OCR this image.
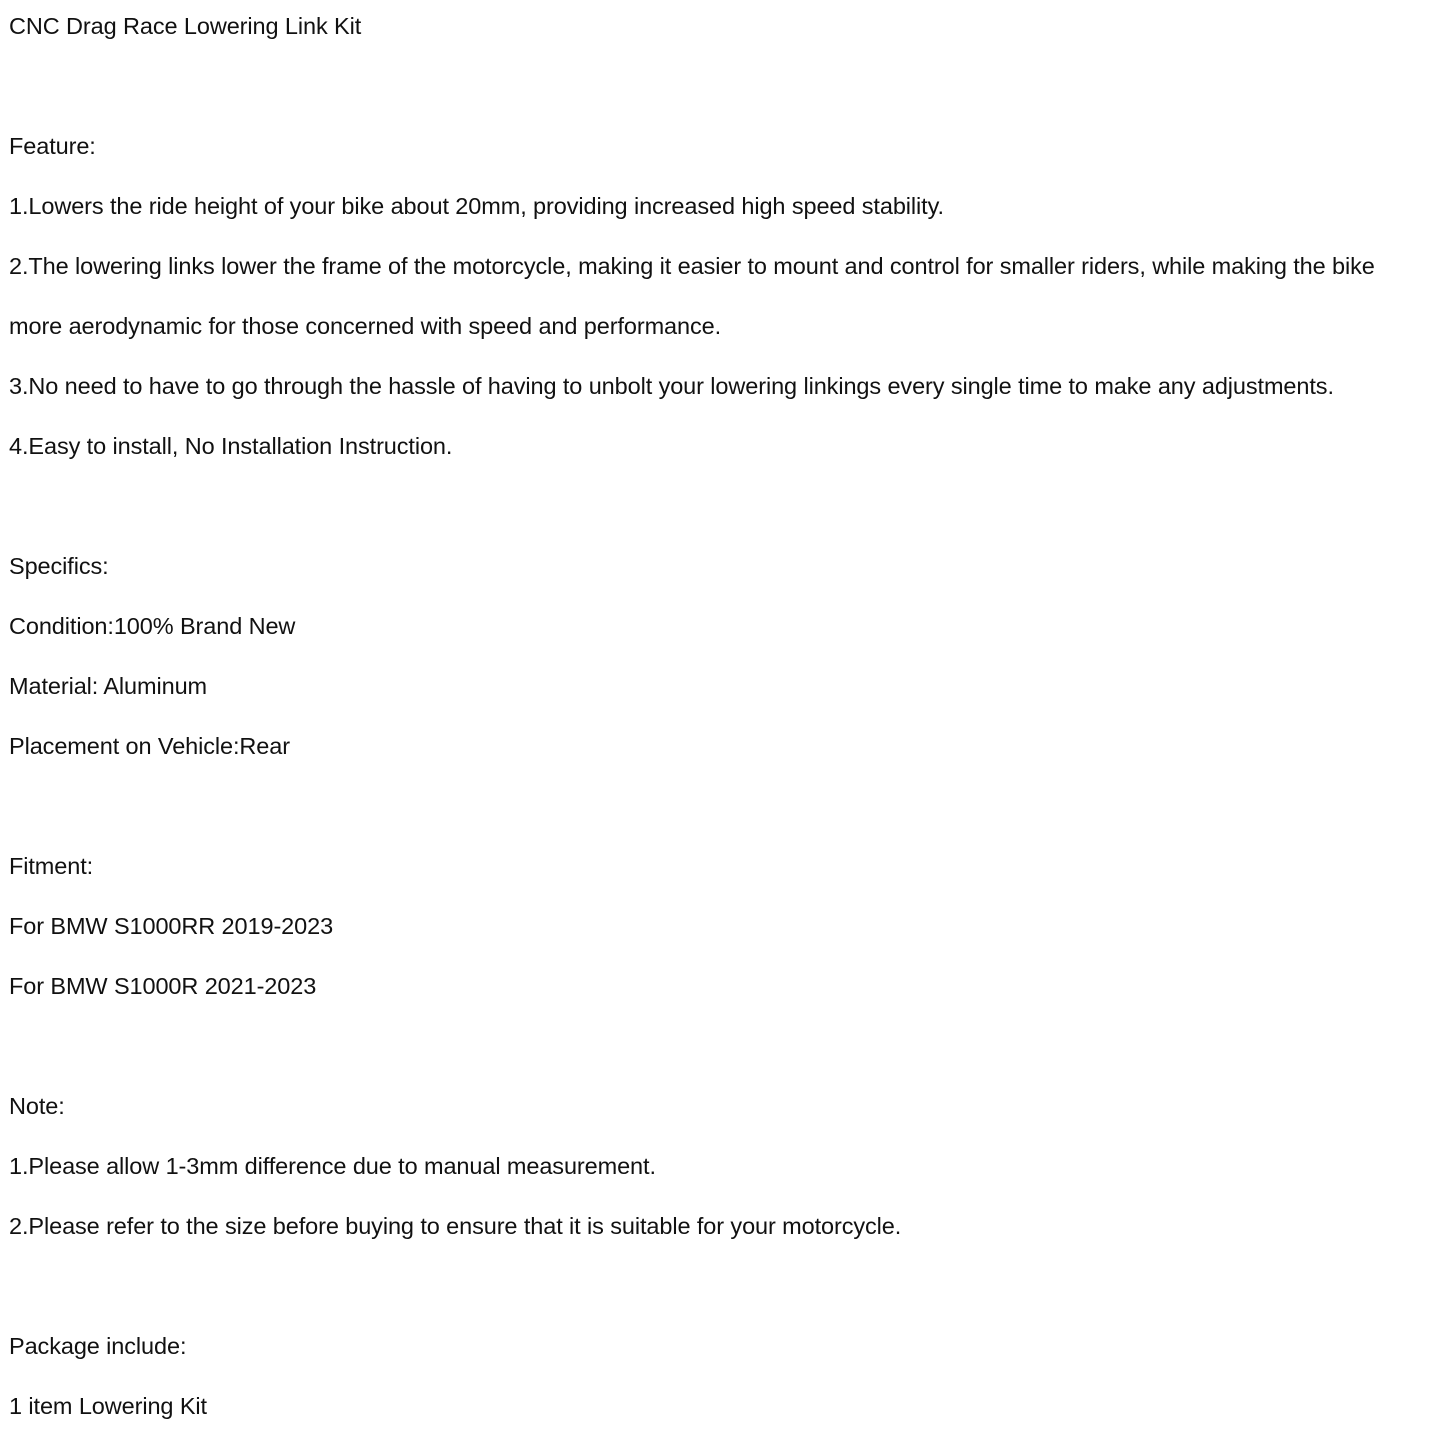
CNC Drag Race Lowering Link Kit
Feature:
1.Lowers the ride height of your bike about 20mm, providing increased high speed stability.
2.The lowering links lower the frame of the motorcycle, making it easier to mount and control for smaller riders, while making the bike
more aerodynamic for those concerned with speed and performance.
3.No need to have to go through the hassle of having to unbolt your lowering linkings every single time to make any adjustments.
4.Easy to install, No Installation Instruction.
Specifics:
Condition:100% Brand New
Material: Aluminum
Placement on Vehicle:Rear
Fitment:
For BMW S1000RR 2019-2023
For BMW S1000R 2021-2023
Note:
1.Please allow 1-3mm difference due to manual measurement.
2.Please refer to the size before buying to ensure that it is suitable for your motorcycle.
Package include:
1 item Lowering Kit
